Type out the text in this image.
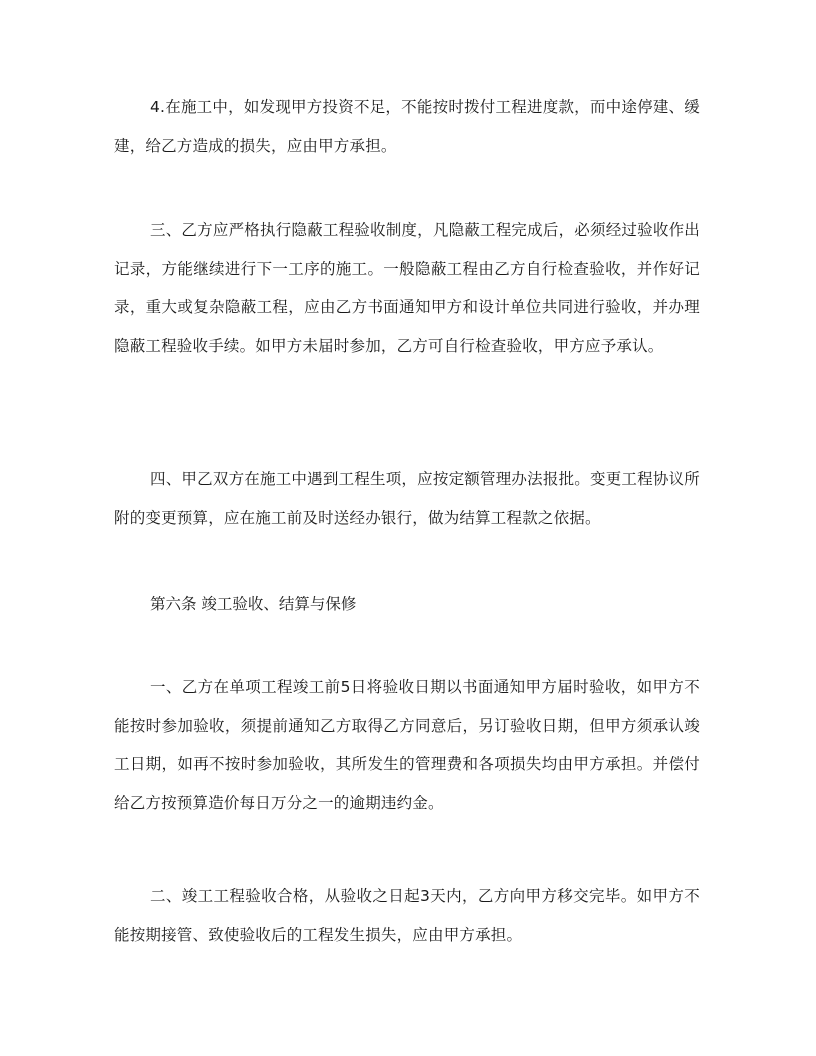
4.在施工中，如发现甲方投资不足，不能按时拨付工程进度款，而中途停建、缓建，给乙方造成的损失，应由甲方承担。

三、乙方应严格执行隐蔽工程验收制度，凡隐蔽工程完成后，必须经过验收作出记录，方能继续进行下一工序的施工。一般隐蔽工程由乙方自行检查验收，并作好记录，重大或复杂隐蔽工程，应由乙方书面通知甲方和设计单位共同进行验收，并办理隐蔽工程验收手续。如甲方未届时参加，乙方可自行检查验收，甲方应予承认。

四、甲乙双方在施工中遇到工程生项，应按定额管理办法报批。变更工程协议所附的变更预算，应在施工前及时送经办银行，做为结算工程款之依据。

第六条 竣工验收、结算与保修

一、乙方在单项工程竣工前5日将验收日期以书面通知甲方届时验收，如甲方不能按时参加验收，须提前通知乙方取得乙方同意后，另订验收日期，但甲方须承认竣工日期，如再不按时参加验收，其所发生的管理费和各项损失均由甲方承担。并偿付给乙方按预算造价每日万分之一的逾期违约金。

二、竣工工程验收合格，从验收之日起3天内，乙方向甲方移交完毕。如甲方不能按期接管、致使验收后的工程发生损失，应由甲方承担。
